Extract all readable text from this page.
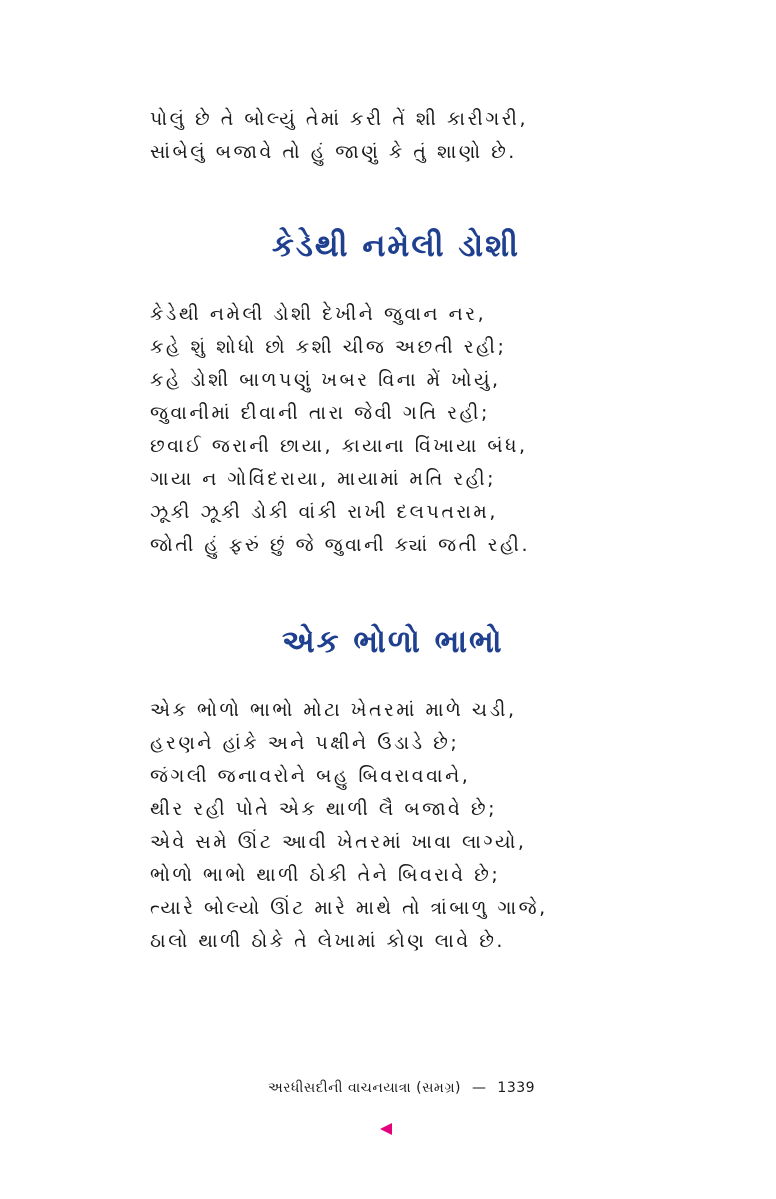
પોલું છે તે બોલ્યું તેમાં કરી તેં શી કારીગરી,
સાંબેલું બજાવે તો હું જાણું કે તું શાણો છે.
કેડેથી નમેલી ડોશી
કેડેથી નમેલી ડોશી દેખીને જુવાન નર,
કહે શું શોધો છો કશી ચીજ અછતી રહી;
કહે ડોશી બાળપણું ખબર વિના મેં ખોયું,
જુવાનીમાં દીવાની તારા જેવી ગતિ રહી;
છવાઈ જરાની છાયા, કાયાના વિંખાયા બંધ,
ગાયા ન ગોવિંદરાયા, માયામાં મતિ રહી;
ઝૂકી ઝૂકી ડોકી વાંકી રાખી દલપતરામ,
જોતી હું ફરું છું જે જુવાની ક્યાં જતી રહી.
એક ભોળો ભાભો
એક ભોળો ભાભો મોટા ખેતરમાં માળે ચડી,
હરણને હાંકે અને પક્ષીને ઉડાડે છે;
જંગલી જનાવરોને બહુ બિવરાવવાને,
થીર રહી પોતે એક થાળી લૈ બજાવે છે;
એવે સમે ઊંટ આવી ખેતરમાં ખાવા લાગ્યો,
ભોળો ભાભો થાળી ઠોકી તેને બિવરાવે છે;
ત્યારે બોલ્યો ઊંટ મારે માથે તો ત્રાંબાળુ ગાજે,
ઠાલો થાળી ઠોકે તે લેખામાં કોણ લાવે છે.
અરધીસદીની વાચનયાત્રા (સમગ્ર) — 1339
